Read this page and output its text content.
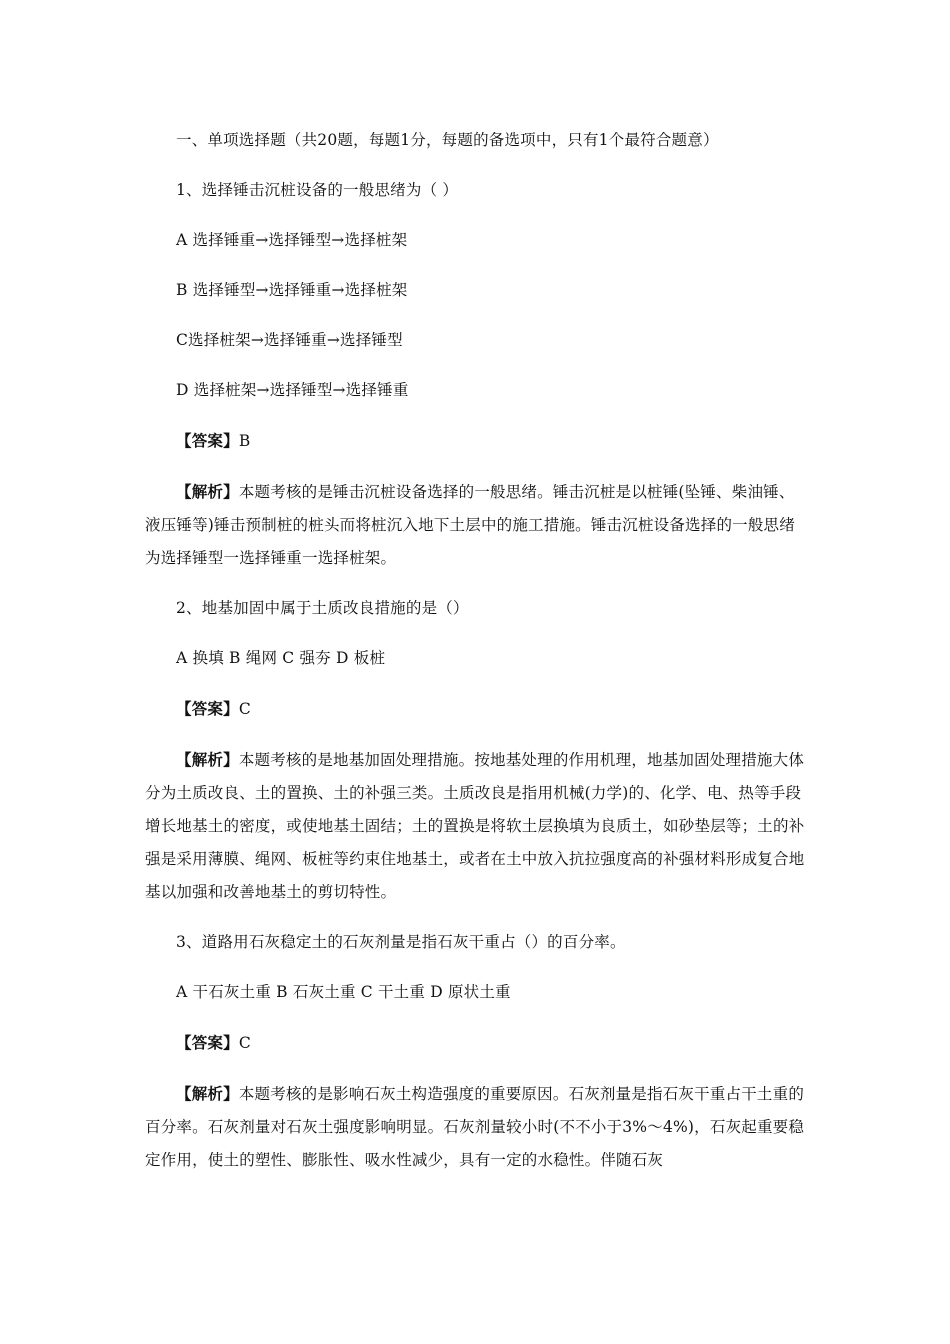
一、单项选择题（共20题，每题1分，每题的备选项中，只有1个最符合题意）

1、选择锤击沉桩设备的一般思绪为（ ）

A 选择锤重→选择锤型→选择桩架

B 选择锤型→选择锤重→选择桩架

C选择桩架→选择锤重→选择锤型

D 选择桩架→选择锤型→选择锤重

【答案】B

【解析】本题考核的是锤击沉桩设备选择的一般思绪。锤击沉桩是以桩锤(坠锤、柴油锤、液压锤等)锤击预制桩的桩头而将桩沉入地下土层中的施工措施。锤击沉桩设备选择的一般思绪为选择锤型一选择锤重一选择桩架。

2、地基加固中属于土质改良措施的是（）

A 换填 B 绳网 C 强夯 D 板桩

【答案】C

【解析】本题考核的是地基加固处理措施。按地基处理的作用机理，地基加固处理措施大体分为土质改良、土的置换、土的补强三类。土质改良是指用机械(力学)的、化学、电、热等手段增长地基土的密度，或使地基土固结；土的置换是将软土层换填为良质土，如砂垫层等；土的补强是采用薄膜、绳网、板桩等约束住地基土，或者在土中放入抗拉强度高的补强材料形成复合地基以加强和改善地基土的剪切特性。

3、道路用石灰稳定土的石灰剂量是指石灰干重占（）的百分率。

A 干石灰土重 B 石灰土重 C 干土重 D 原状土重

【答案】C

【解析】本题考核的是影响石灰土构造强度的重要原因。石灰剂量是指石灰干重占干土重的百分率。石灰剂量对石灰土强度影响明显。石灰剂量较小时(不不小于3%～4%)，石灰起重要稳定作用，使土的塑性、膨胀性、吸水性减少，具有一定的水稳性。伴随石灰
